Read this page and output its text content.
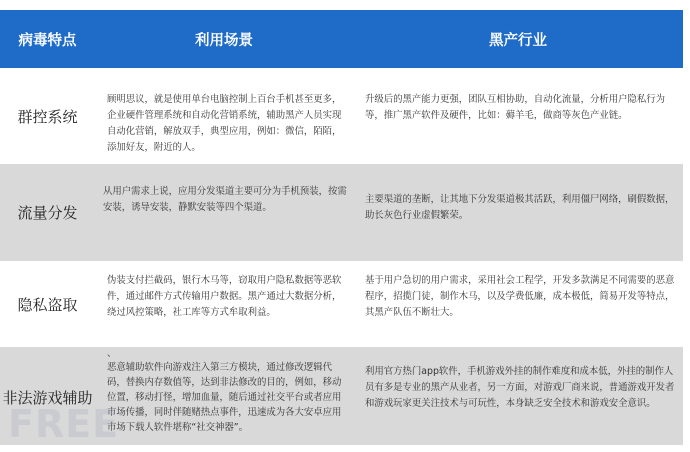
病毒特点	利用场景	黑产行业
群控系统

顾明思议，就是使用单台电脑控制上百台手机甚至更多，企业硬件管理系统和自动化营销系统，辅助黑产人员实现自动化营销，解放双手，典型应用，例如：微信，陌陌，添加好友，附近的人。

升级后的黑产能力更强，团队互相协助，自动化流量，分析用户隐私行为等，推广黑产软件及硬件，比如：薅羊毛，做商等灰色产业链。

流量分发

从用户需求上说，应用分发渠道主要可分为手机预装，按需安装，诱导安装，静默安装等四个渠道。

主要渠道的垄断，让其地下分发渠道极其活跃，利用僵尸网络，刷假数据，助长灰色行业虚假繁荣。

隐私盗取

伪装支付拦截码，银行木马等，窃取用户隐私数据等恶软　件，通过邮件方式传输用户数据。黑产通过大数据分析，绕过风控策略，社工库等方式牟取利益。

基于用户急切的用户需求，采用社会工程学，开发多款满足不同需要的恶意程序，招揽门徒，制作木马，以及学费低廉，成本极低，简易开发等特点，其黑产队伍不断壮大。

非法游戏辅助
、

恶意辅助软件向游戏注入第三方模块，通过修改逻辑代码，替换内存数值等，达到非法修改的目的，例如，移动位置，移动打怪，增加血量，随后通过社交平台或者应用市场传播，同时伴随赌热点事件，迅速成为各大安卓应用市场下载人软件堪称“社交神器”。

利用官方热门app软件，手机游戏外挂的制作难度和成本低，外挂的制作人员有多是专业的黑产从业者，另一方面，对游戏厂商来说，普通游戏开发者和游戏玩家更关注技术与可玩性，本身缺乏安全技术和游戏安全意识。

FREE
